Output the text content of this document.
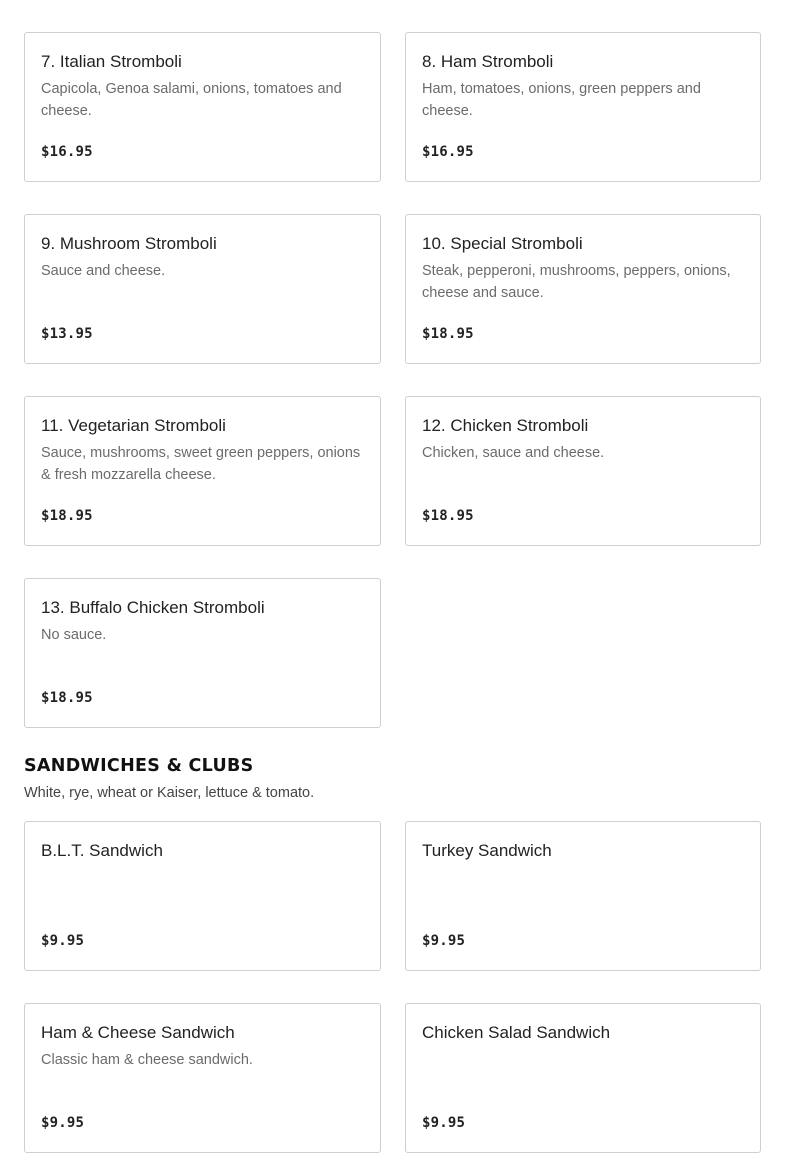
7. Italian Stromboli
Capicola, Genoa salami, onions, tomatoes and cheese.
$16.95
8. Ham Stromboli
Ham, tomatoes, onions, green peppers and cheese.
$16.95
9. Mushroom Stromboli
Sauce and cheese.
$13.95
10. Special Stromboli
Steak, pepperoni, mushrooms, peppers, onions, cheese and sauce.
$18.95
11. Vegetarian Stromboli
Sauce, mushrooms, sweet green peppers, onions & fresh mozzarella cheese.
$18.95
12. Chicken Stromboli
Chicken, sauce and cheese.
$18.95
13. Buffalo Chicken Stromboli
No sauce.
$18.95
SANDWICHES & CLUBS
White, rye, wheat or Kaiser, lettuce & tomato.
B.L.T. Sandwich
$9.95
Turkey Sandwich
$9.95
Ham & Cheese Sandwich
Classic ham & cheese sandwich.
$9.95
Chicken Salad Sandwich
$9.95
